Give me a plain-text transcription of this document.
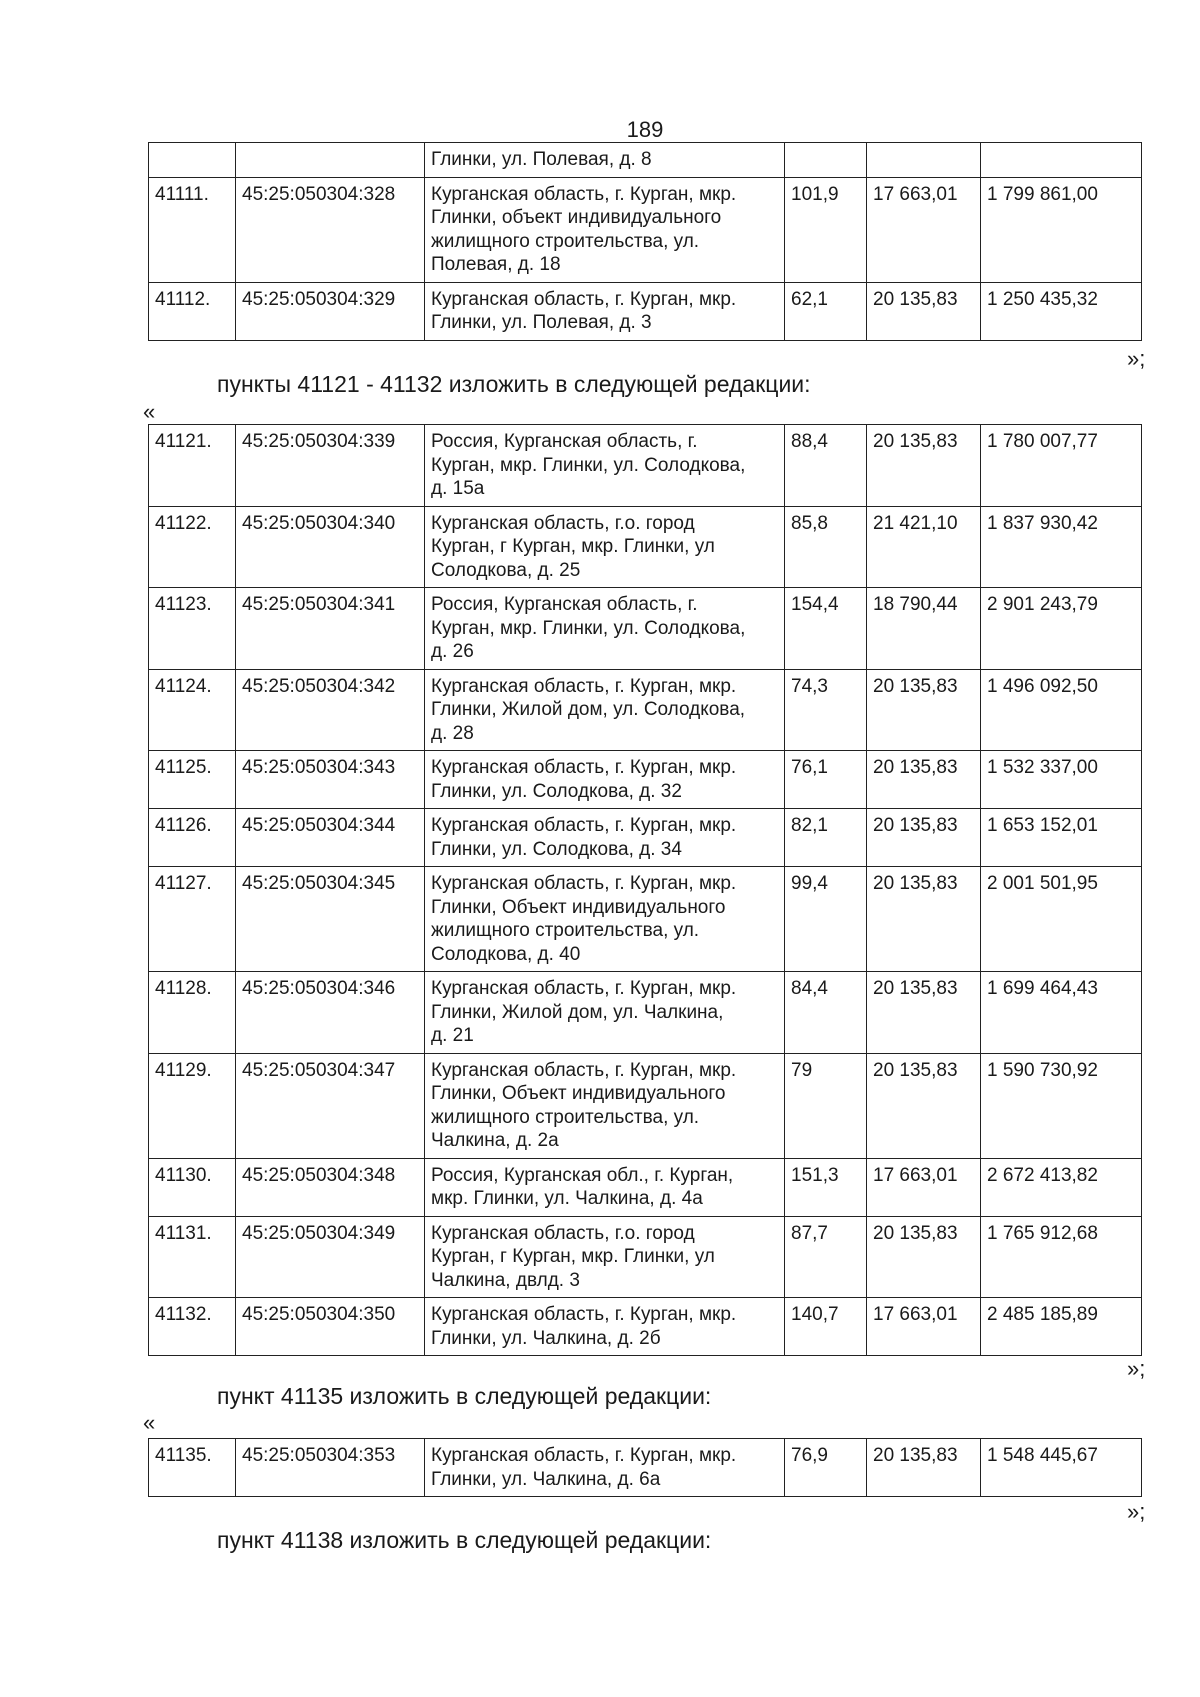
189
		Глинки, ул. Полевая, д. 8			
41111.	45:25:050304:328	Курганская область, г. Курган, мкр.
Глинки, объект индивидуального
жилищного строительства, ул.
Полевая, д. 18	101,9	17 663,01	1 799 861,00
41112.	45:25:050304:329	Курганская область, г. Курган, мкр.
Глинки, ул. Полевая, д. 3	62,1	20 135,83	1 250 435,32
»;
пункты 41121 - 41132 изложить в следующей редакции:
«
41121.	45:25:050304:339	Россия, Курганская область, г.
Курган, мкр. Глинки, ул. Солодкова,
д. 15а	88,4	20 135,83	1 780 007,77
41122.	45:25:050304:340	Курганская область, г.о. город
Курган, г Курган, мкр. Глинки, ул
Солодкова, д. 25	85,8	21 421,10	1 837 930,42
41123.	45:25:050304:341	Россия, Курганская область, г.
Курган, мкр. Глинки, ул. Солодкова,
д. 26	154,4	18 790,44	2 901 243,79
41124.	45:25:050304:342	Курганская область, г. Курган, мкр.
Глинки, Жилой дом, ул. Солодкова,
д. 28	74,3	20 135,83	1 496 092,50
41125.	45:25:050304:343	Курганская область, г. Курган, мкр.
Глинки, ул. Солодкова, д. 32	76,1	20 135,83	1 532 337,00
41126.	45:25:050304:344	Курганская область, г. Курган, мкр.
Глинки, ул. Солодкова, д. 34	82,1	20 135,83	1 653 152,01
41127.	45:25:050304:345	Курганская область, г. Курган, мкр.
Глинки, Объект индивидуального
жилищного строительства, ул.
Солодкова, д. 40	99,4	20 135,83	2 001 501,95
41128.	45:25:050304:346	Курганская область, г. Курган, мкр.
Глинки, Жилой дом, ул. Чалкина,
д. 21	84,4	20 135,83	1 699 464,43
41129.	45:25:050304:347	Курганская область, г. Курган, мкр.
Глинки, Объект индивидуального
жилищного строительства, ул.
Чалкина, д. 2а	79	20 135,83	1 590 730,92
41130.	45:25:050304:348	Россия, Курганская обл., г. Курган,
мкр. Глинки, ул. Чалкина, д. 4а	151,3	17 663,01	2 672 413,82
41131.	45:25:050304:349	Курганская область, г.о. город
Курган, г Курган, мкр. Глинки, ул
Чалкина, двлд. 3	87,7	20 135,83	1 765 912,68
41132.	45:25:050304:350	Курганская область, г. Курган, мкр.
Глинки, ул. Чалкина, д. 2б	140,7	17 663,01	2 485 185,89
»;
пункт 41135 изложить в следующей редакции:
«
41135.	45:25:050304:353	Курганская область, г. Курган, мкр.
Глинки, ул. Чалкина, д. 6а	76,9	20 135,83	1 548 445,67
»;
пункт 41138 изложить в следующей редакции:
